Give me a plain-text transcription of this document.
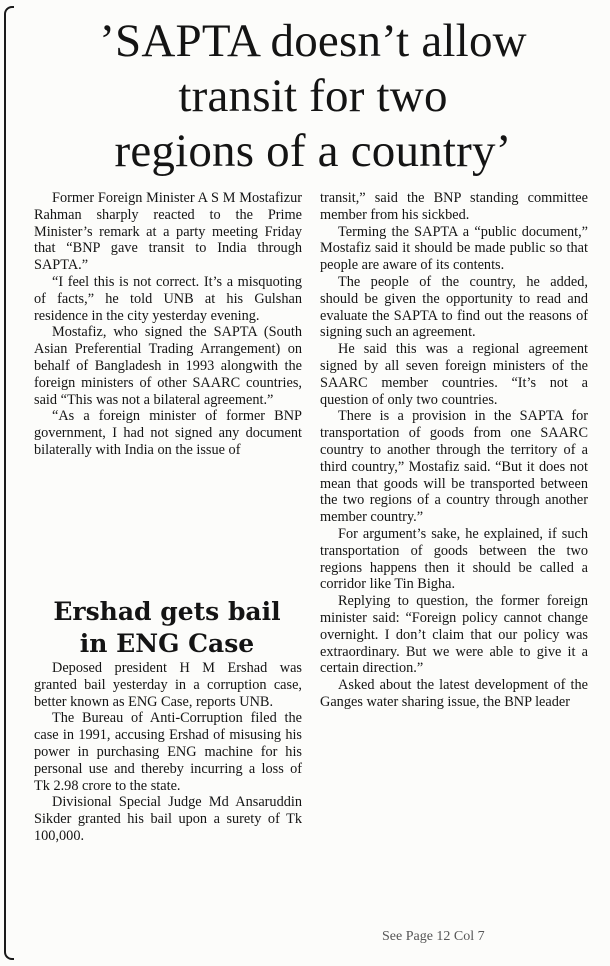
’SAPTA doesn’t allow
transit for two
regions of a country’

Former Foreign Minister A S M Mostafizur Rahman sharply reacted to the Prime Minister’s remark at a party meeting Friday that “BNP gave transit to India through SAPTA.”

“I feel this is not correct. It’s a misquoting of facts,” he told UNB at his Gulshan residence in the city yesterday evening.

Mostafiz, who signed the SAPTA (South Asian Preferential Trading Arrangement) on behalf of Bangladesh in 1993 alongwith the foreign ministers of other SAARC countries, said “This was not a bilateral agreement.”

“As a foreign minister of former BNP government, I had not signed any document bilaterally with India on the issue of

Ershad gets bail
in ENG Case

Deposed president H M Ershad was granted bail yesterday in a corruption case, better known as ENG Case, reports UNB.

The Bureau of Anti-Corruption filed the case in 1991, accusing Ershad of misusing his power in purchasing ENG machine for his personal use and thereby incurring a loss of Tk 2.98 crore to the state.

Divisional Special Judge Md Ansaruddin Sikder granted his bail upon a surety of Tk 100,000.

transit,” said the BNP standing committee member from his sickbed.

Terming the SAPTA a “public document,” Mostafiz said it should be made public so that people are aware of its contents.

The people of the country, he added, should be given the opportunity to read and evaluate the SAPTA to find out the reasons of signing such an agreement.

He said this was a regional agreement signed by all seven foreign ministers of the SAARC member countries. “It’s not a question of only two countries.

There is a provision in the SAPTA for transportation of goods from one SAARC country to another through the territory of a third country,” Mostafiz said. “But it does not mean that goods will be transported between the two regions of a country through another member country.”

For argument’s sake, he explained, if such transportation of goods between the two regions happens then it should be called a corridor like Tin Bigha.

Replying to question, the former foreign minister said: “Foreign policy cannot change overnight. I don’t claim that our policy was extraordinary. But we were able to give it a certain direction.”

Asked about the latest development of the Ganges water sharing issue, the BNP leader

See Page 12 Col 7
